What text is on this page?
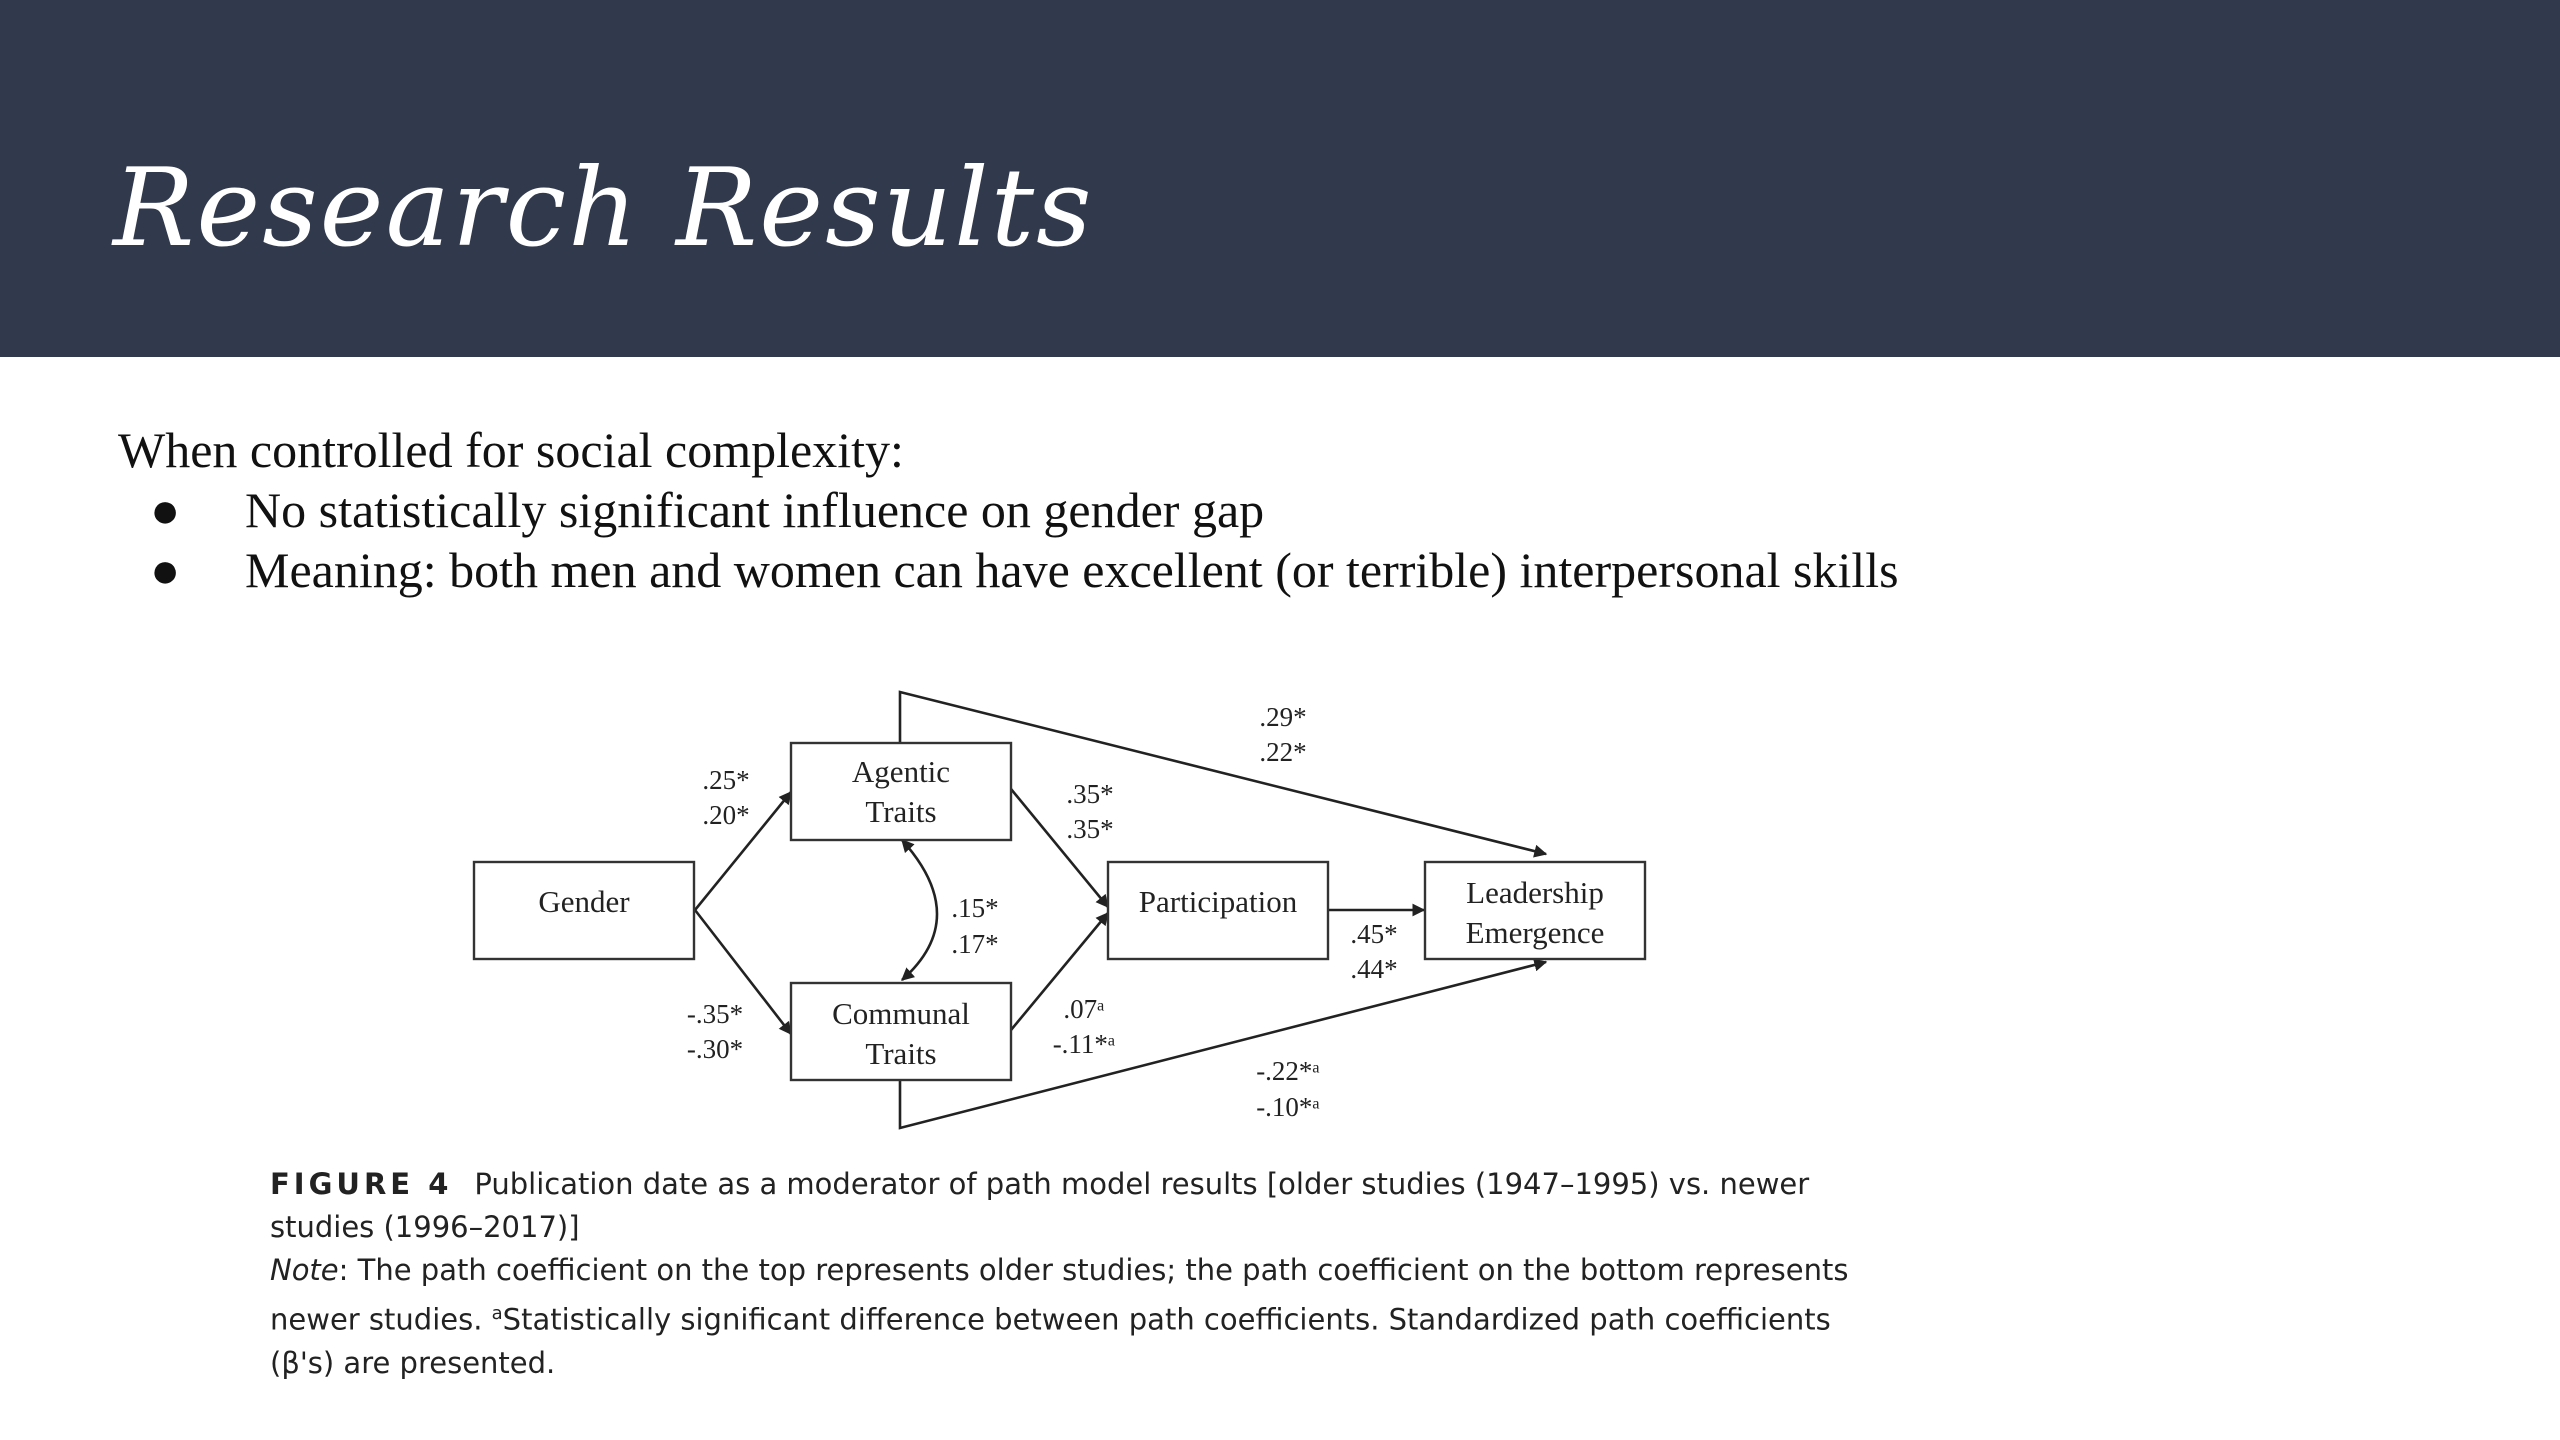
Research Results
When controlled for social complexity:
● No statistically significant influence on gender gap
● Meaning: both men and women can have excellent (or terrible) interpersonal skills
Gender
Agentic
Traits
Communal
Traits
Participation	Leadership
Emergence
.25*
.20*
-.35*
-.30*
.15*
.17*
.35*
.35*
.07ᵃ
-.11*ᵃ
.45*
.44*
.29*
.22*
-.22*ᵃ
-.10*ᵃ

FIGURE 4 Publication date as a moderator of path model results [older studies (1947–1995) vs. newer studies (1996–2017)]

Note: The path coefficient on the top represents older studies; the path coefficient on the bottom represents newer studies. $^a$Statistically significant difference between path coefficients. Standardized path coefficients (β's) are presented.
